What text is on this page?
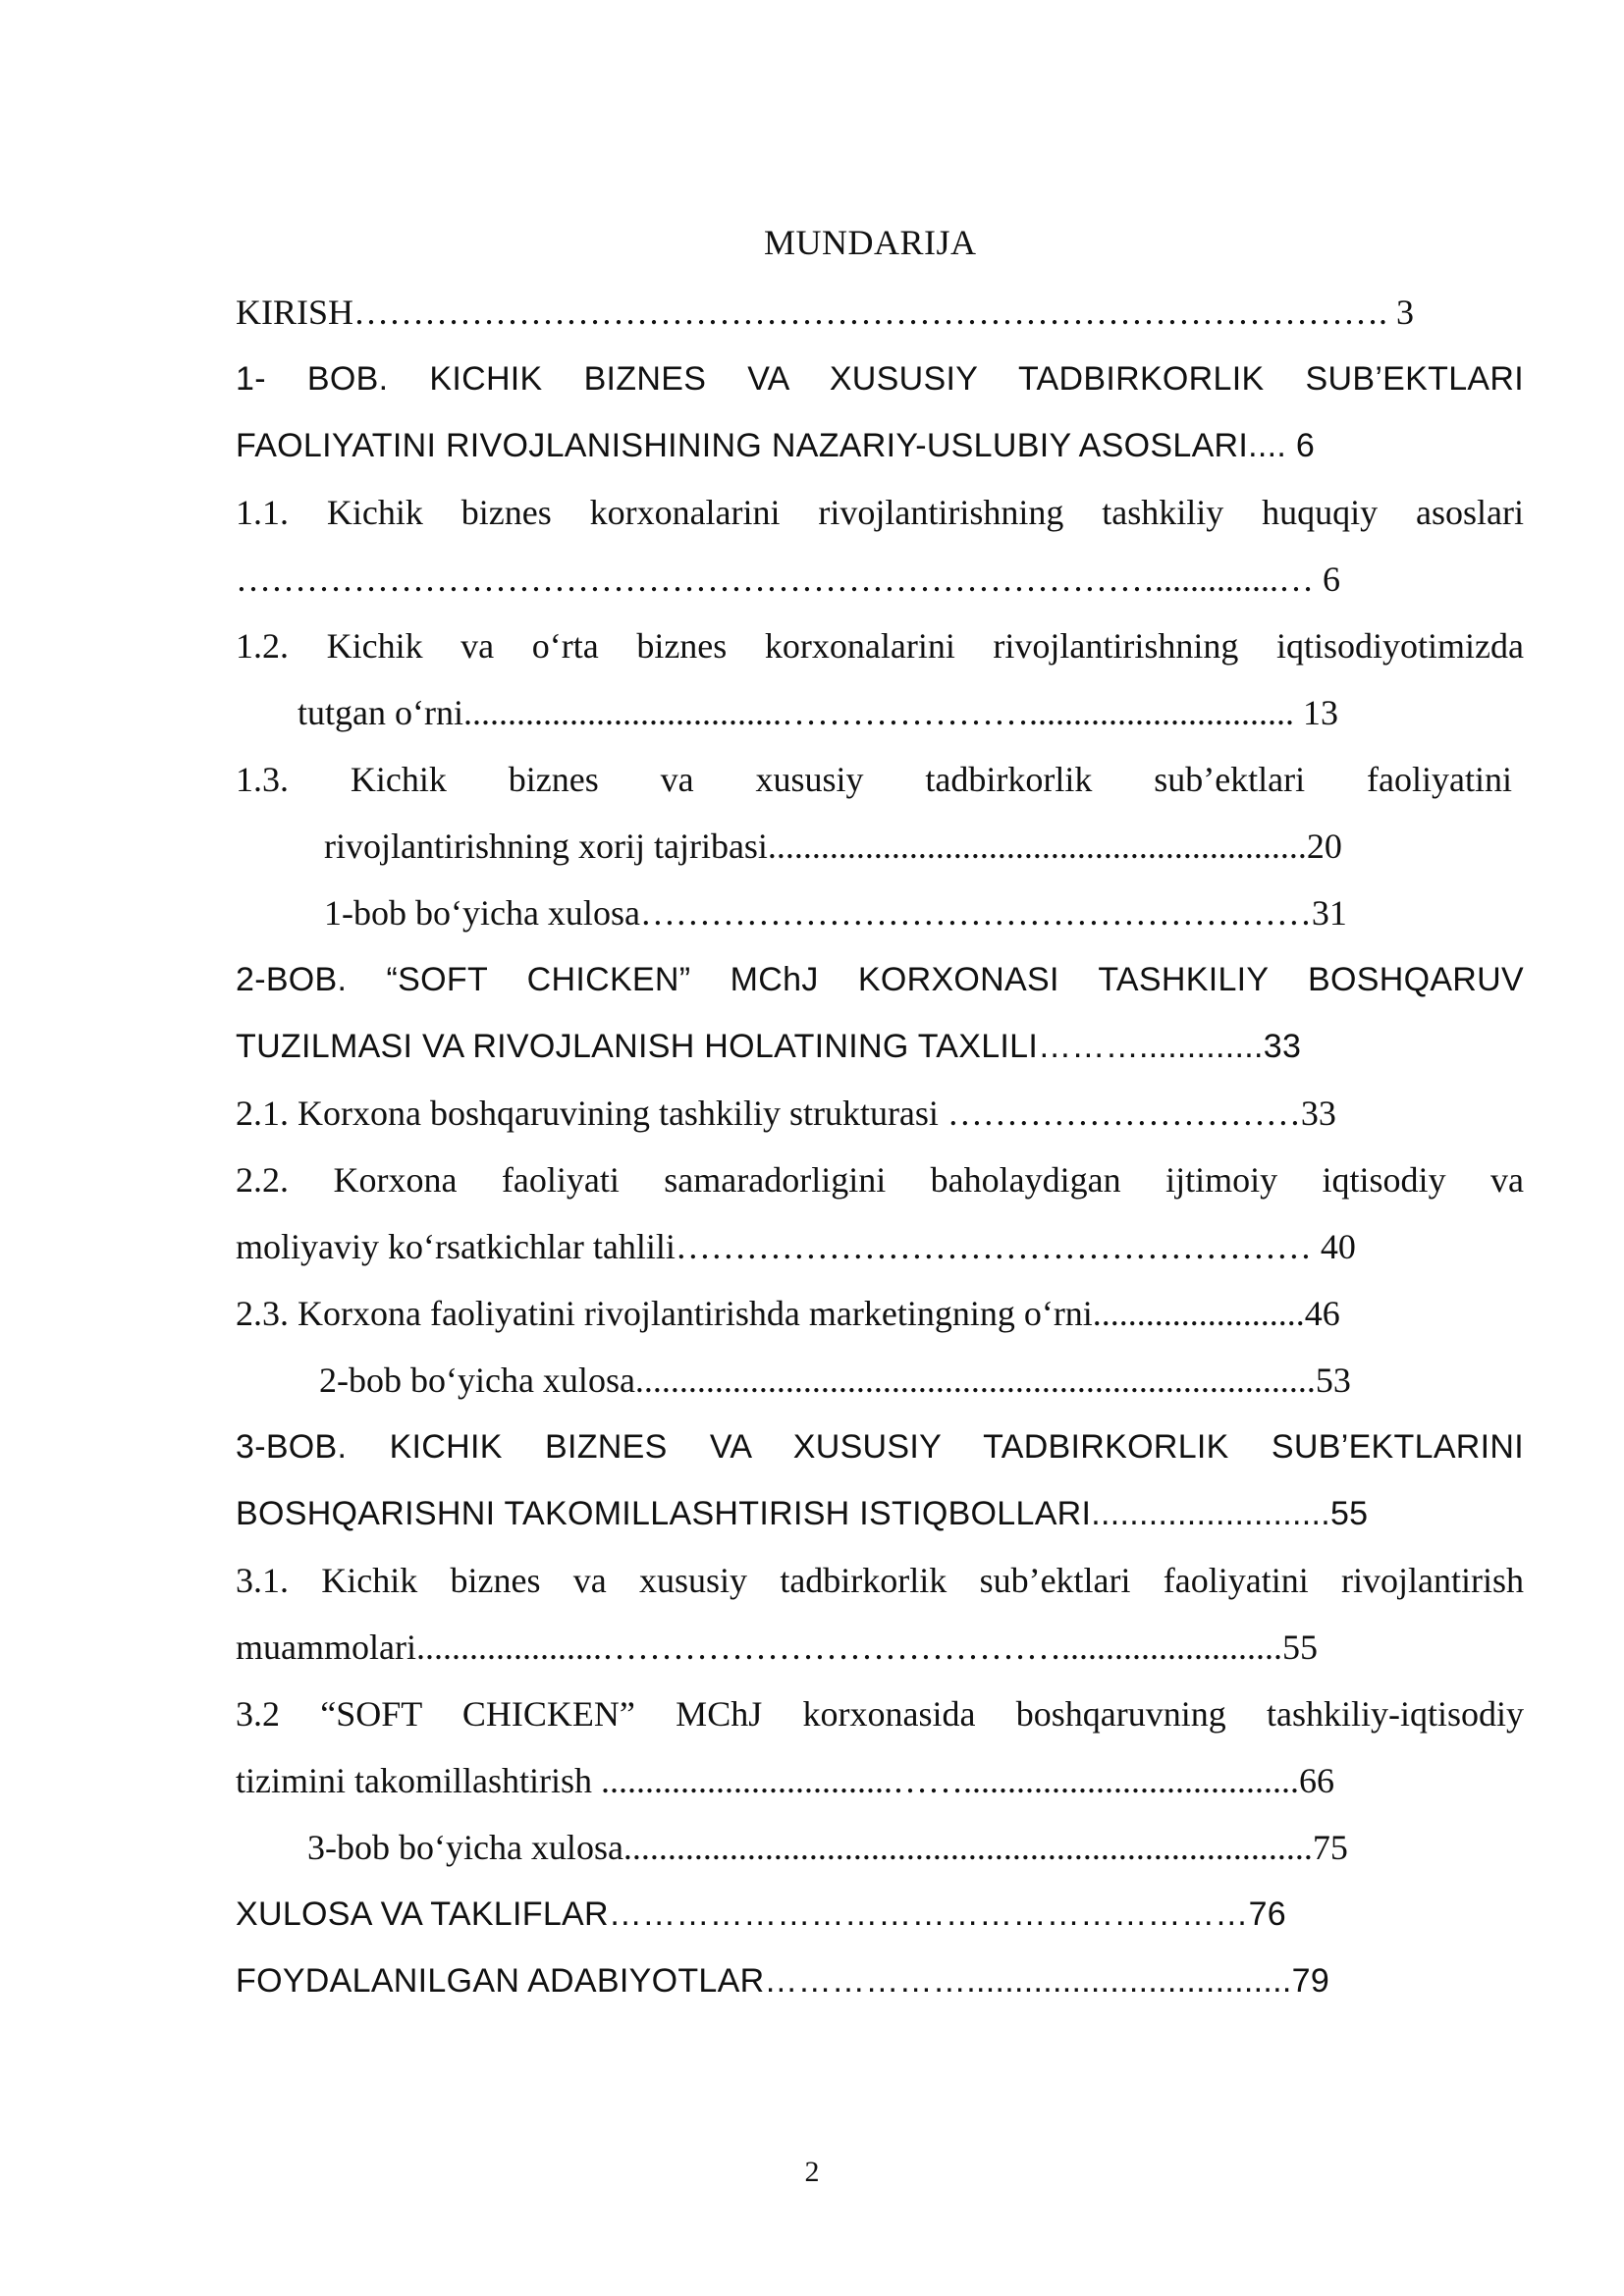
MUNDARIJA
KIRISH……………………………………………………………………………. 3
1- BOB. KICHIK BIZNES VA XUSUSIY TADBIRKORLIK SUB’EKTLARI
FAOLIYATINI RIVOJLANISHINING NAZARIY-USLUBIY ASOSLARI.... 6
1.1. Kichik biznes korxonalarini rivojlantirishning tashkiliy huquqiy asoslari
……………………………………………………………………..............… 6
1.2. Kichik va o‘rta biznes korxonalarini rivojlantirishning iqtisodiyotimizda
tutgan o‘rni....................................………………….............................. 13
1.3. Kichik biznes va xususiy tadbirkorlik sub’ektlari faoliyatini
rivojlantirishning xorij tajribasi.............................................................20
1-bob bo‘yicha xulosa…………………………………………………31
2-BOB. “SOFT CHICKEN” MChJ KORXONASI TASHKILIY BOSHQARUV
TUZILMASI VA RIVOJLANISH HOLATINING TAXLILI……….............33
2.1. Korxona boshqaruvining tashkiliy strukturasi …………………………33
2.2. Korxona faoliyati samaradorligini baholaydigan ijtimoiy iqtisodiy va
moliyaviy ko‘rsatkichlar tahlili……………………………………………… 40
2.3. Korxona faoliyatini rivojlantirishda marketingning o‘rni........................46
2-bob bo‘yicha xulosa.............................................................................53
3-BOB. KICHIK BIZNES VA XUSUSIY TADBIRKORLIK SUB’EKTLARINI
BOSHQARISHNI TAKOMILLASHTIRISH ISTIQBOLLARI.........................55
3.1. Kichik biznes va xususiy tadbirkorlik sub’ektlari faoliyatini rivojlantirish
muammolari.....................………………………………….........................55
3.2 “SOFT CHICKEN” MChJ korxonasida boshqaruvning tashkiliy-iqtisodiy
tizimini takomillashtirish .................................……......................................66
3-bob bo‘yicha xulosa..............................................................................75
XULOSA VA TAKLIFLAR…………………………………………………76
FOYDALANILGAN ADABIYOTLAR………………..................................79
2
